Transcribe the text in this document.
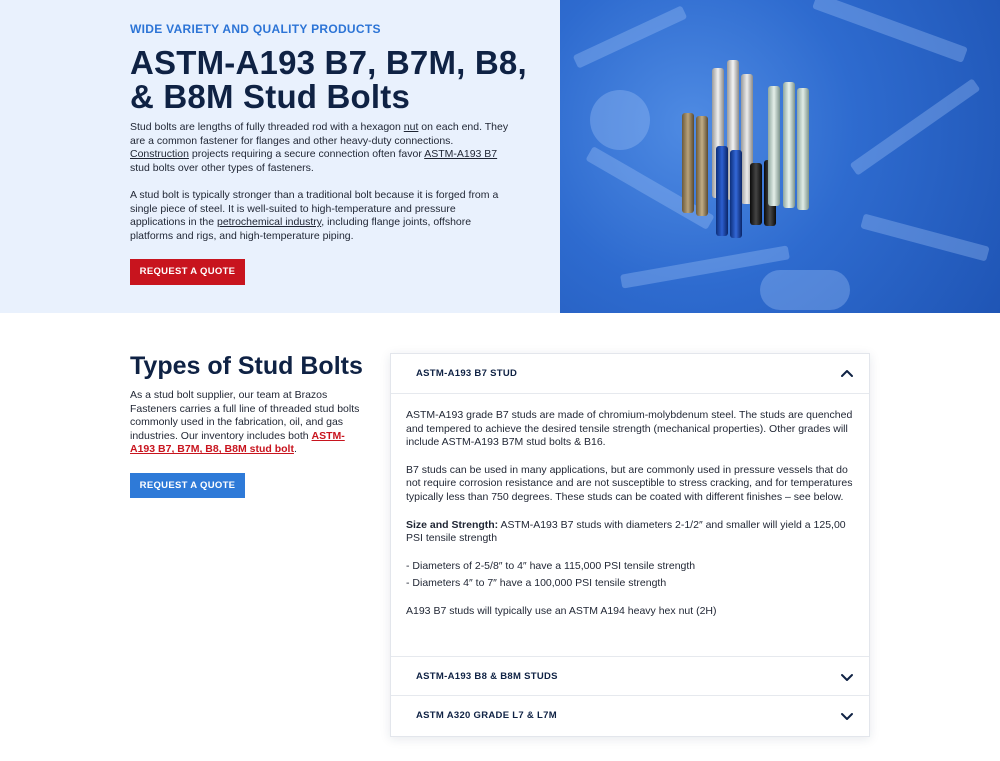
WIDE VARIETY AND QUALITY PRODUCTS
ASTM-A193 B7, B7M, B8, & B8M Stud Bolts

Stud bolts are lengths of fully threaded rod with a hexagon nut on each end. They are a common fastener for flanges and other heavy-duty connections. Construction projects requiring a secure connection often favor ASTM-A193 B7 stud bolts over other types of fasteners.

A stud bolt is typically stronger than a traditional bolt because it is forged from a single piece of steel. It is well-suited to high-temperature and pressure applications in the petrochemical industry, including flange joints, offshore platforms and rigs, and high-temperature piping.

REQUEST A QUOTE
Types of Stud Bolts

As a stud bolt supplier, our team at Brazos Fasteners carries a full line of threaded stud bolts commonly used in the fabrication, oil, and gas industries. Our inventory includes both ASTM-A193 B7, B7M, B8, B8M stud bolt.

REQUEST A QUOTE
ASTM-A193 B7 STUD

ASTM-A193 grade B7 studs are made of chromium-molybdenum steel. The studs are quenched and tempered to achieve the desired tensile strength (mechanical properties). Other grades will include ASTM-A193 B7M stud bolts & B16.

B7 studs can be used in many applications, but are commonly used in pressure vessels that do not require corrosion resistance and are not susceptible to stress cracking, and for temperatures typically less than 750 degrees. These studs can be coated with different finishes – see below.

Size and Strength: ASTM-A193 B7 studs with diameters 2-1/2″ and smaller will yield a 125,00 PSI tensile strength

- Diameters of 2-5/8″ to 4″ have a 115,000 PSI tensile strength
- Diameters 4″ to 7″ have a 100,000 PSI tensile strength

A193 B7 studs will typically use an ASTM A194 heavy hex nut (2H)

ASTM-A193 B8 & B8M STUDS
ASTM A320 GRADE L7 & L7M
